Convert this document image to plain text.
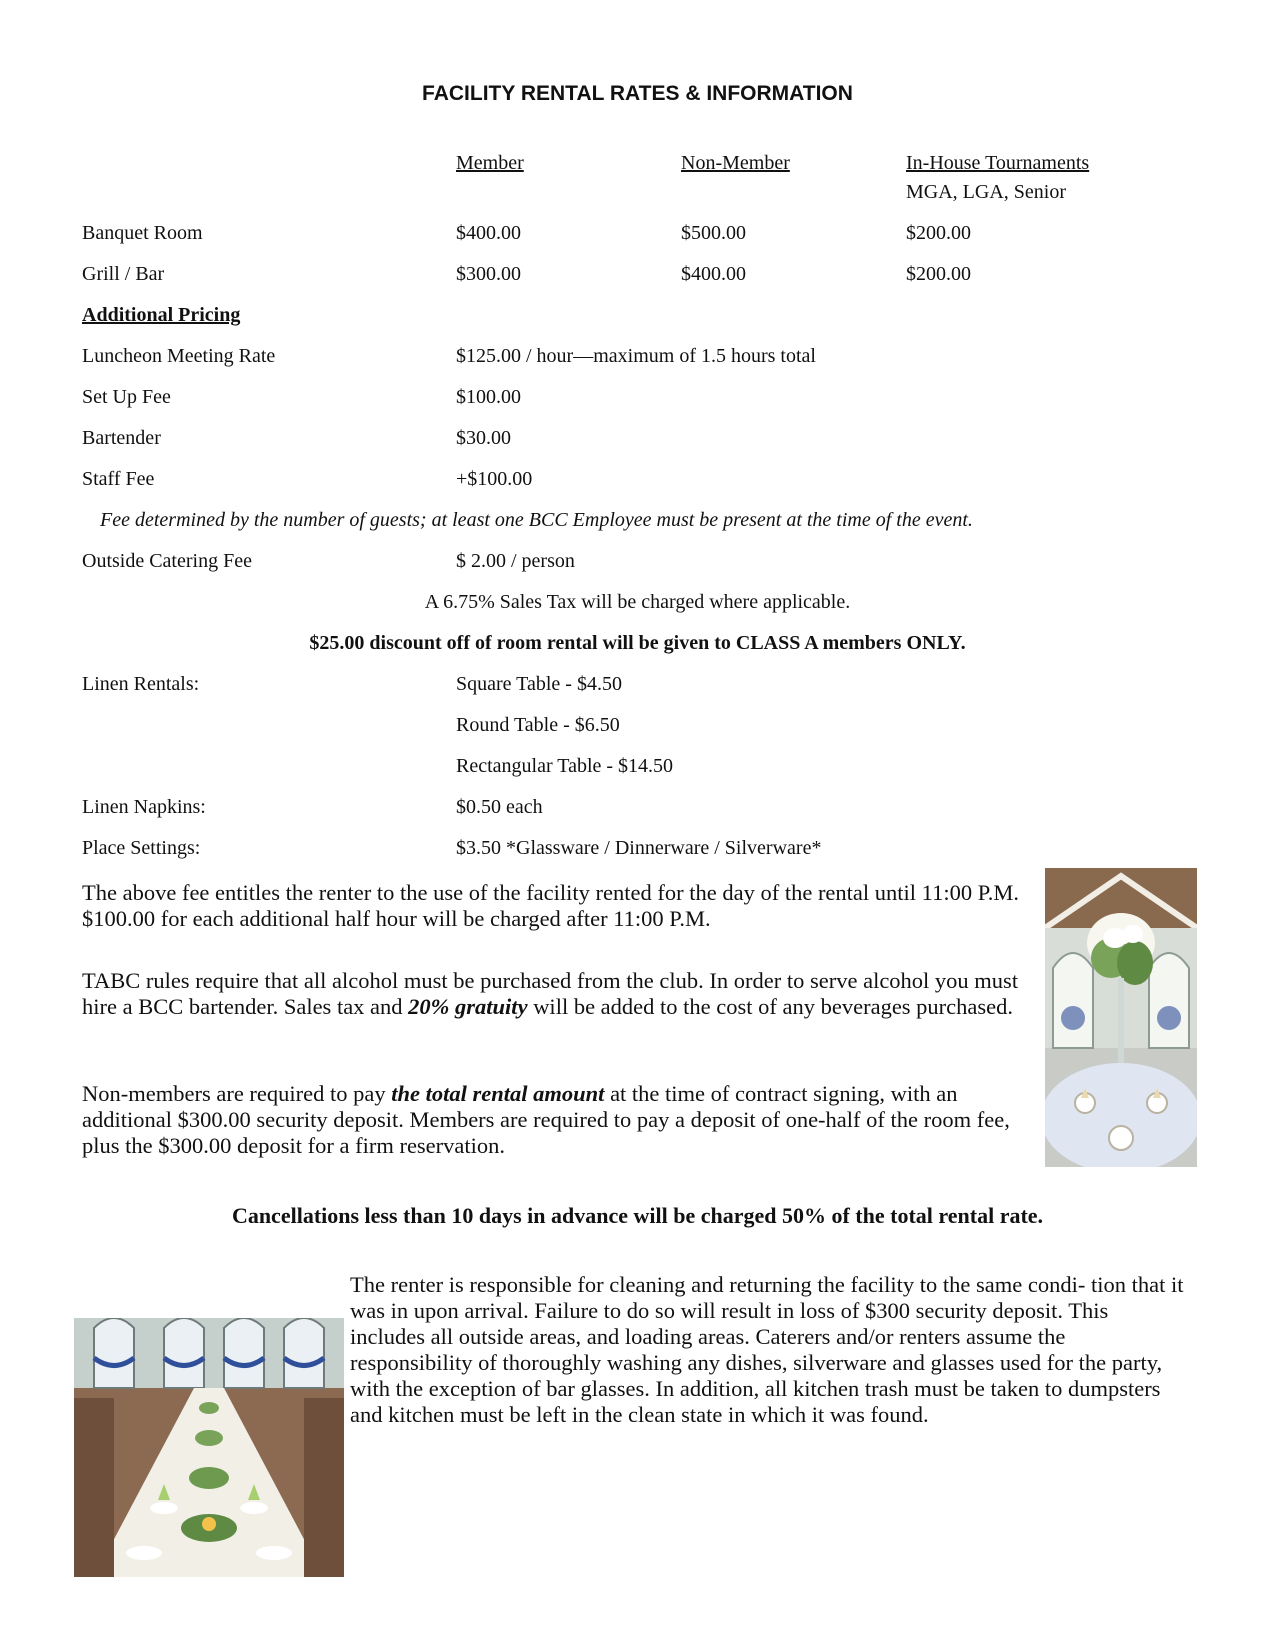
FACILITY RENTAL RATES & INFORMATION
Member	Non-Member	In-House Tournaments
MGA, LGA, Senior
Banquet Room	$400.00	$500.00	$200.00
Grill / Bar	$300.00	$400.00	$200.00
Additional Pricing
Luncheon Meeting Rate	$125.00 / hour—maximum of 1.5 hours total
Set Up Fee	$100.00
Bartender	$30.00
Staff Fee	+$100.00
Fee determined by the number of guests; at least one BCC Employee must be present at the time of the event.
Outside Catering Fee	$ 2.00 / person
A 6.75% Sales Tax will be charged where applicable.
$25.00 discount off of room rental will be given to CLASS A members ONLY.
Linen Rentals:	Square Table - $4.50
Round Table - $6.50
Rectangular Table - $14.50
Linen Napkins:	$0.50 each
Place Settings:	$3.50 *Glassware / Dinnerware / Silverware*
The above fee entitles the renter to the use of the facility rented for the day of the rental until 11:00 P.M. $100.00 for each additional half hour will be charged after 11:00 P.M.
TABC rules require that all alcohol must be purchased from the club. In order to serve alcohol you must hire a BCC bartender. Sales tax and 20% gratuity will be added to the cost of any beverages purchased.
Non-members are required to pay the total rental amount at the time of contract signing, with an additional $300.00 security deposit. Members are required to pay a deposit of one-half of the room fee, plus the $300.00 deposit for a firm reservation.
Cancellations less than 10 days in advance will be charged 50% of the total rental rate.
The renter is responsible for cleaning and returning the facility to the same condi- tion that it was in upon arrival. Failure to do so will result in loss of $300 security deposit. This includes all outside areas, and loading areas. Caterers and/or renters assume the responsibility of thoroughly washing any dishes, silverware and glasses used for the party, with the exception of bar glasses. In addition, all kitchen trash must be taken to dumpsters and kitchen must be left in the clean state in which it was found.
